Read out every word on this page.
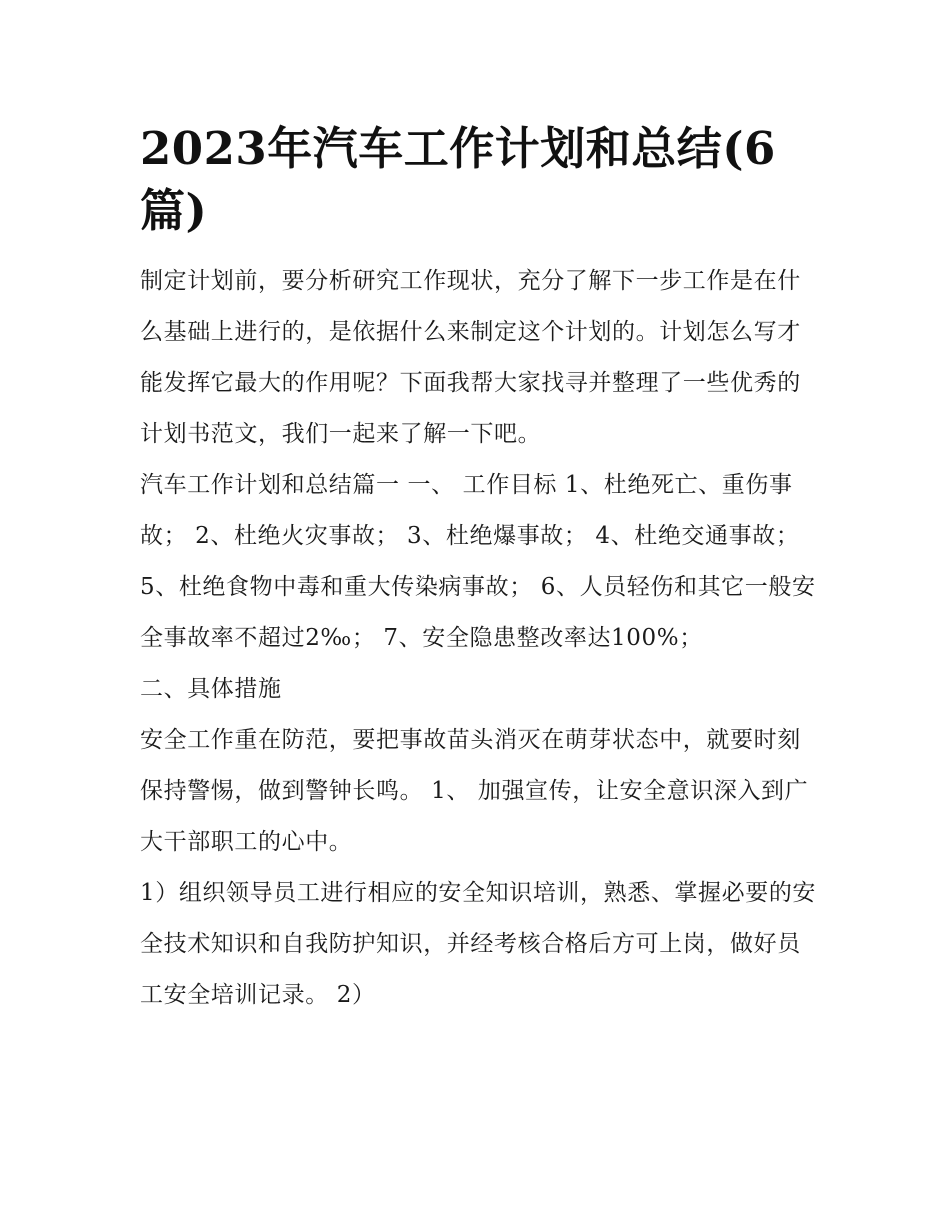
2023年汽车工作计划和总结(6
篇)

制定计划前，要分析研究工作现状，充分了解下一步工作是在什么基础上进行的，是依据什么来制定这个计划的。计划怎么写才能发挥它最大的作用呢？下面我帮大家找寻并整理了一些优秀的计划书范文，我们一起来了解一下吧。

汽车工作计划和总结篇一 一、 工作目标 1、杜绝死亡、重伤事故； 2、杜绝火灾事故； 3、杜绝爆事故； 4、杜绝交通事故；

5、杜绝食物中毒和重大传染病事故； 6、人员轻伤和其它一般安全事故率不超过2‰； 7、安全隐患整改率达100%；

二、具体措施

安全工作重在防范，要把事故苗头消灭在萌芽状态中，就要时刻保持警惕，做到警钟长鸣。 1、 加强宣传，让安全意识深入到广大干部职工的心中。

1）组织领导员工进行相应的安全知识培训，熟悉、掌握必要的安全技术知识和自我防护知识，并经考核合格后方可上岗，做好员工安全培训记录。 2）
